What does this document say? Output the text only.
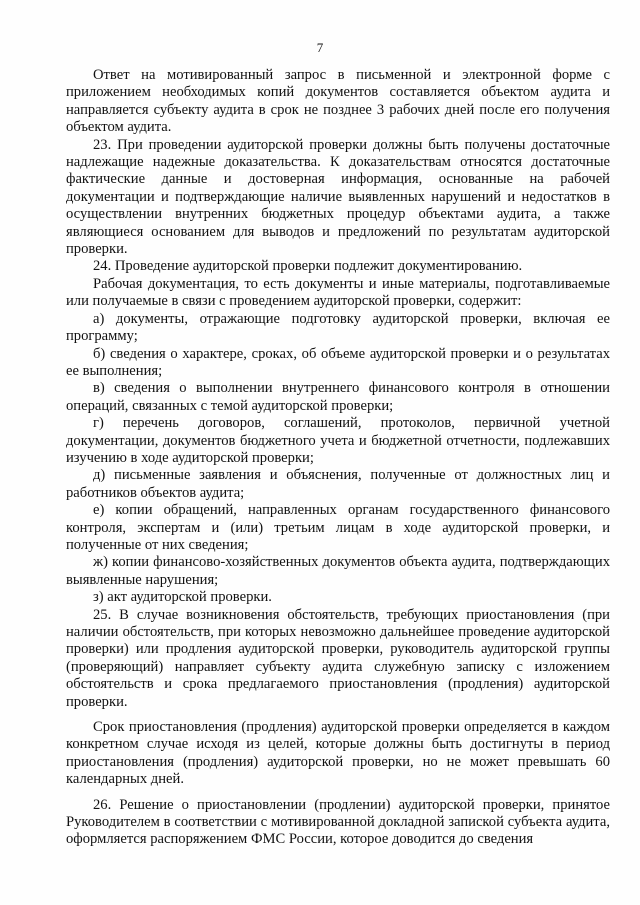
7

Ответ на мотивированный запрос в письменной и электронной форме с приложением необходимых копий документов составляется объектом аудита и направляется субъекту аудита в срок не позднее 3 рабочих дней после его получения объектом аудита.

23. При проведении аудиторской проверки должны быть получены достаточные надлежащие надежные доказательства. К доказательствам относятся достаточные фактические данные и достоверная информация, основанные на рабочей документации и подтверждающие наличие выявленных нарушений и недостатков в осуществлении внутренних бюджетных процедур объектами аудита, а также являющиеся основанием для выводов и предложений по результатам аудиторской проверки.

24. Проведение аудиторской проверки подлежит документированию.

Рабочая документация, то есть документы и иные материалы, подготавливаемые или получаемые в связи с проведением аудиторской проверки, содержит:

а) документы, отражающие подготовку аудиторской проверки, включая ее программу;

б) сведения о характере, сроках, об объеме аудиторской проверки и о результатах ее выполнения;

в) сведения о выполнении внутреннего финансового контроля в отношении операций, связанных с темой аудиторской проверки;

г) перечень договоров, соглашений, протоколов, первичной учетной документации, документов бюджетного учета и бюджетной отчетности, подлежавших изучению в ходе аудиторской проверки;

д) письменные заявления и объяснения, полученные от должностных лиц и работников объектов аудита;

е) копии обращений, направленных органам государственного финансового контроля, экспертам и (или) третьим лицам в ходе аудиторской проверки, и полученные от них сведения;

ж) копии финансово-хозяйственных документов объекта аудита, подтверждающих выявленные нарушения;

з) акт аудиторской проверки.

25. В случае возникновения обстоятельств, требующих приостановления (при наличии обстоятельств, при которых невозможно дальнейшее проведение аудиторской проверки) или продления аудиторской проверки, руководитель аудиторской группы (проверяющий) направляет субъекту аудита служебную записку с изложением обстоятельств и срока предлагаемого приостановления (продления) аудиторской проверки.

Срок приостановления (продления) аудиторской проверки определяется в каждом конкретном случае исходя из целей, которые должны быть достигнуты в период приостановления (продления) аудиторской проверки, но не может превышать 60 календарных дней.

26. Решение о приостановлении (продлении) аудиторской проверки, принятое Руководителем в соответствии с мотивированной докладной запиской субъекта аудита, оформляется распоряжением ФМС России, которое доводится до сведения
